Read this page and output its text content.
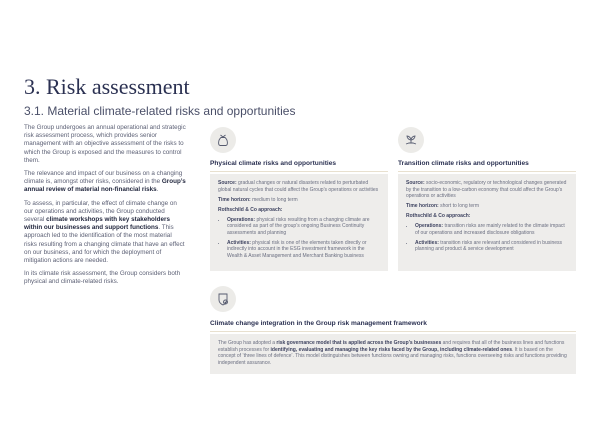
3. Risk assessment
3.1. Material climate-related risks and opportunities

The Group undergoes an annual operational and strategic risk assessment process, which provides senior management with an objective assessment of the risks to which the Group is exposed and the measures to control them.

The relevance and impact of our business on a changing climate is, amongst other risks, considered in the Group’s annual review of material non-financial risks.

To assess, in particular, the effect of climate change on our operations and activities, the Group conducted several climate workshops with key stakeholders within our businesses and support functions. This approach led to the identification of the most material risks resulting from a changing climate that have an effect on our business, and for which the deployment of mitigation actions are needed.

In its climate risk assessment, the Group considers both physical and climate-related risks.

Physical climate risks and opportunities

Source: gradual changes or natural disasters related to perturbated global natural cycles that could affect the Group’s operations or activities

Time horizon: medium to long term

Rothschild & Co approach:

• Operations: physical risks resulting from a changing climate are considered as part of the group’s ongoing Business Continuity assessments and planning
• Activities: physical risk is one of the elements taken directly or indirectly into account in the ESG investment framework in the Wealth & Asset Management and Merchant Banking business
Transition climate risks and opportunities

Source: socio-economic, regulatory or technological changes generated by the transition to a low-carbon economy that could affect the Group’s operations or activities

Time horizon: short to long term

Rothschild & Co approach:

• Operations: transition risks are mainly related to the climate impact of our operations and increased disclosure obligations
• Activities: transition risks are relevant and considered in business planning and product & service development
Climate change integration in the Group risk management framework

The Group has adopted a risk governance model that is applied across the Group’s businesses and requires that all of the business lines and functions establish processes for identifying, evaluating and managing the key risks faced by the Group, including climate-related ones. It is based on the concept of ‘three lines of defence’. This model distinguishes between functions owning and managing risks, functions overseeing risks and functions providing independent assurance.
